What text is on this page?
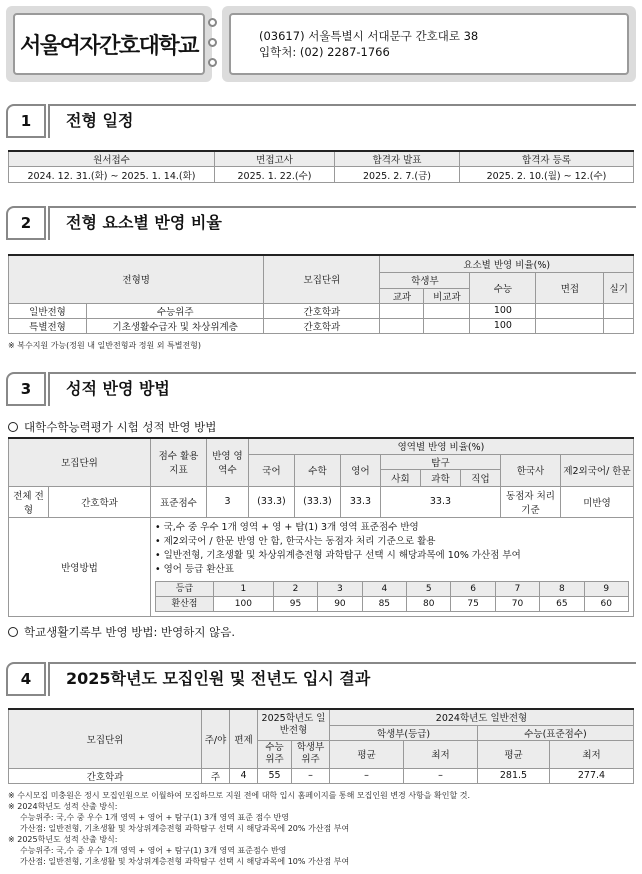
서울여자간호대학교	(03617) 서울특별시 서대문구 간호대로 38
입학처: (02) 2287-1766
1	전형 일정
원서접수	면접고사	합격자 발표	합격자 등록
2024. 12. 31.(화) ~ 2025. 1. 14.(화)	2025. 1. 22.(수)	2025. 2. 7.(금)	2025. 2. 10.(월) ~ 12.(수)
2	전형 요소별 반영 비율
전형명		모집단위	요소별 반영 비율(%)				
			학생부		수능	면접	실기
			교과	비교과			
일반전형	수능위주	간호학과			100		
특별전형	기초생활수급자 및 차상위계층	간호학과			100		
※ 복수지원 가능(정원 내 일반전형과 정원 외 특별전형)
3	성적 반영 방법
대학수학능력평가 시험 성적 반영 방법
모집단위	점수 활용 지표	반영 영역수	영역별 반영 비율(%)
국어	수학	영어	탐구	한국사	제2외국어/ 한문
사회	과학	직업
전체 전형	간호학과	표준점수	3	(33.3)	(33.3)	33.3	33.3	동점자 처리기준	미반영
반영방법	
• 국,수 중 우수 1개 영역 + 영 + 탐(1) 3개 영역 표준점수 반영
• 제2외국어 / 한문 반영 안 함, 한국사는 동점자 처리 기준으로 활용
• 일반전형, 기초생활 및 차상위계층전형 과학탐구 선택 시 해당과목에 10% 가산점 부여
• 영어 등급 환산표
등급	1	2	3	4	5	6	7	8	9
환산점	100	95	90	85	80	75	70	65	60
학교생활기록부 반영 방법: 반영하지 않음.
4	2025학년도 모집인원 및 전년도 입시 결과
모집단위	주/야	편제	2025학년도 일반전형		2024학년도 일반전형			
					학생부(등급)		수능(표준점수)	
			수능 위주	학생부 위주	평균	최저	평균	최저
간호학과	주	4	55	–	–	–	281.5	277.4
※ 수시모집 미충원은 정시 모집인원으로 이월하여 모집하므로 지원 전에 대학 입시 홈페이지를 통해 모집인원 변경 사항을 확인할 것.
※ 2024학년도 성적 산출 방식:
수능위주: 국,수 중 우수 1개 영역 + 영어 + 탐구(1) 3개 영역 표준 점수 반영
가산점: 일반전형, 기초생활 및 차상위계층전형 과학탐구 선택 시 해당과목에 20% 가산점 부여
※ 2025학년도 성적 산출 방식:
수능위주: 국,수 중 우수 1개 영역 + 영어 + 탐구(1) 3개 영역 표준점수 반영
가산점: 일반전형, 기초생활 및 차상위계층전형 과학탐구 선택 시 해당과목에 10% 가산점 부여
